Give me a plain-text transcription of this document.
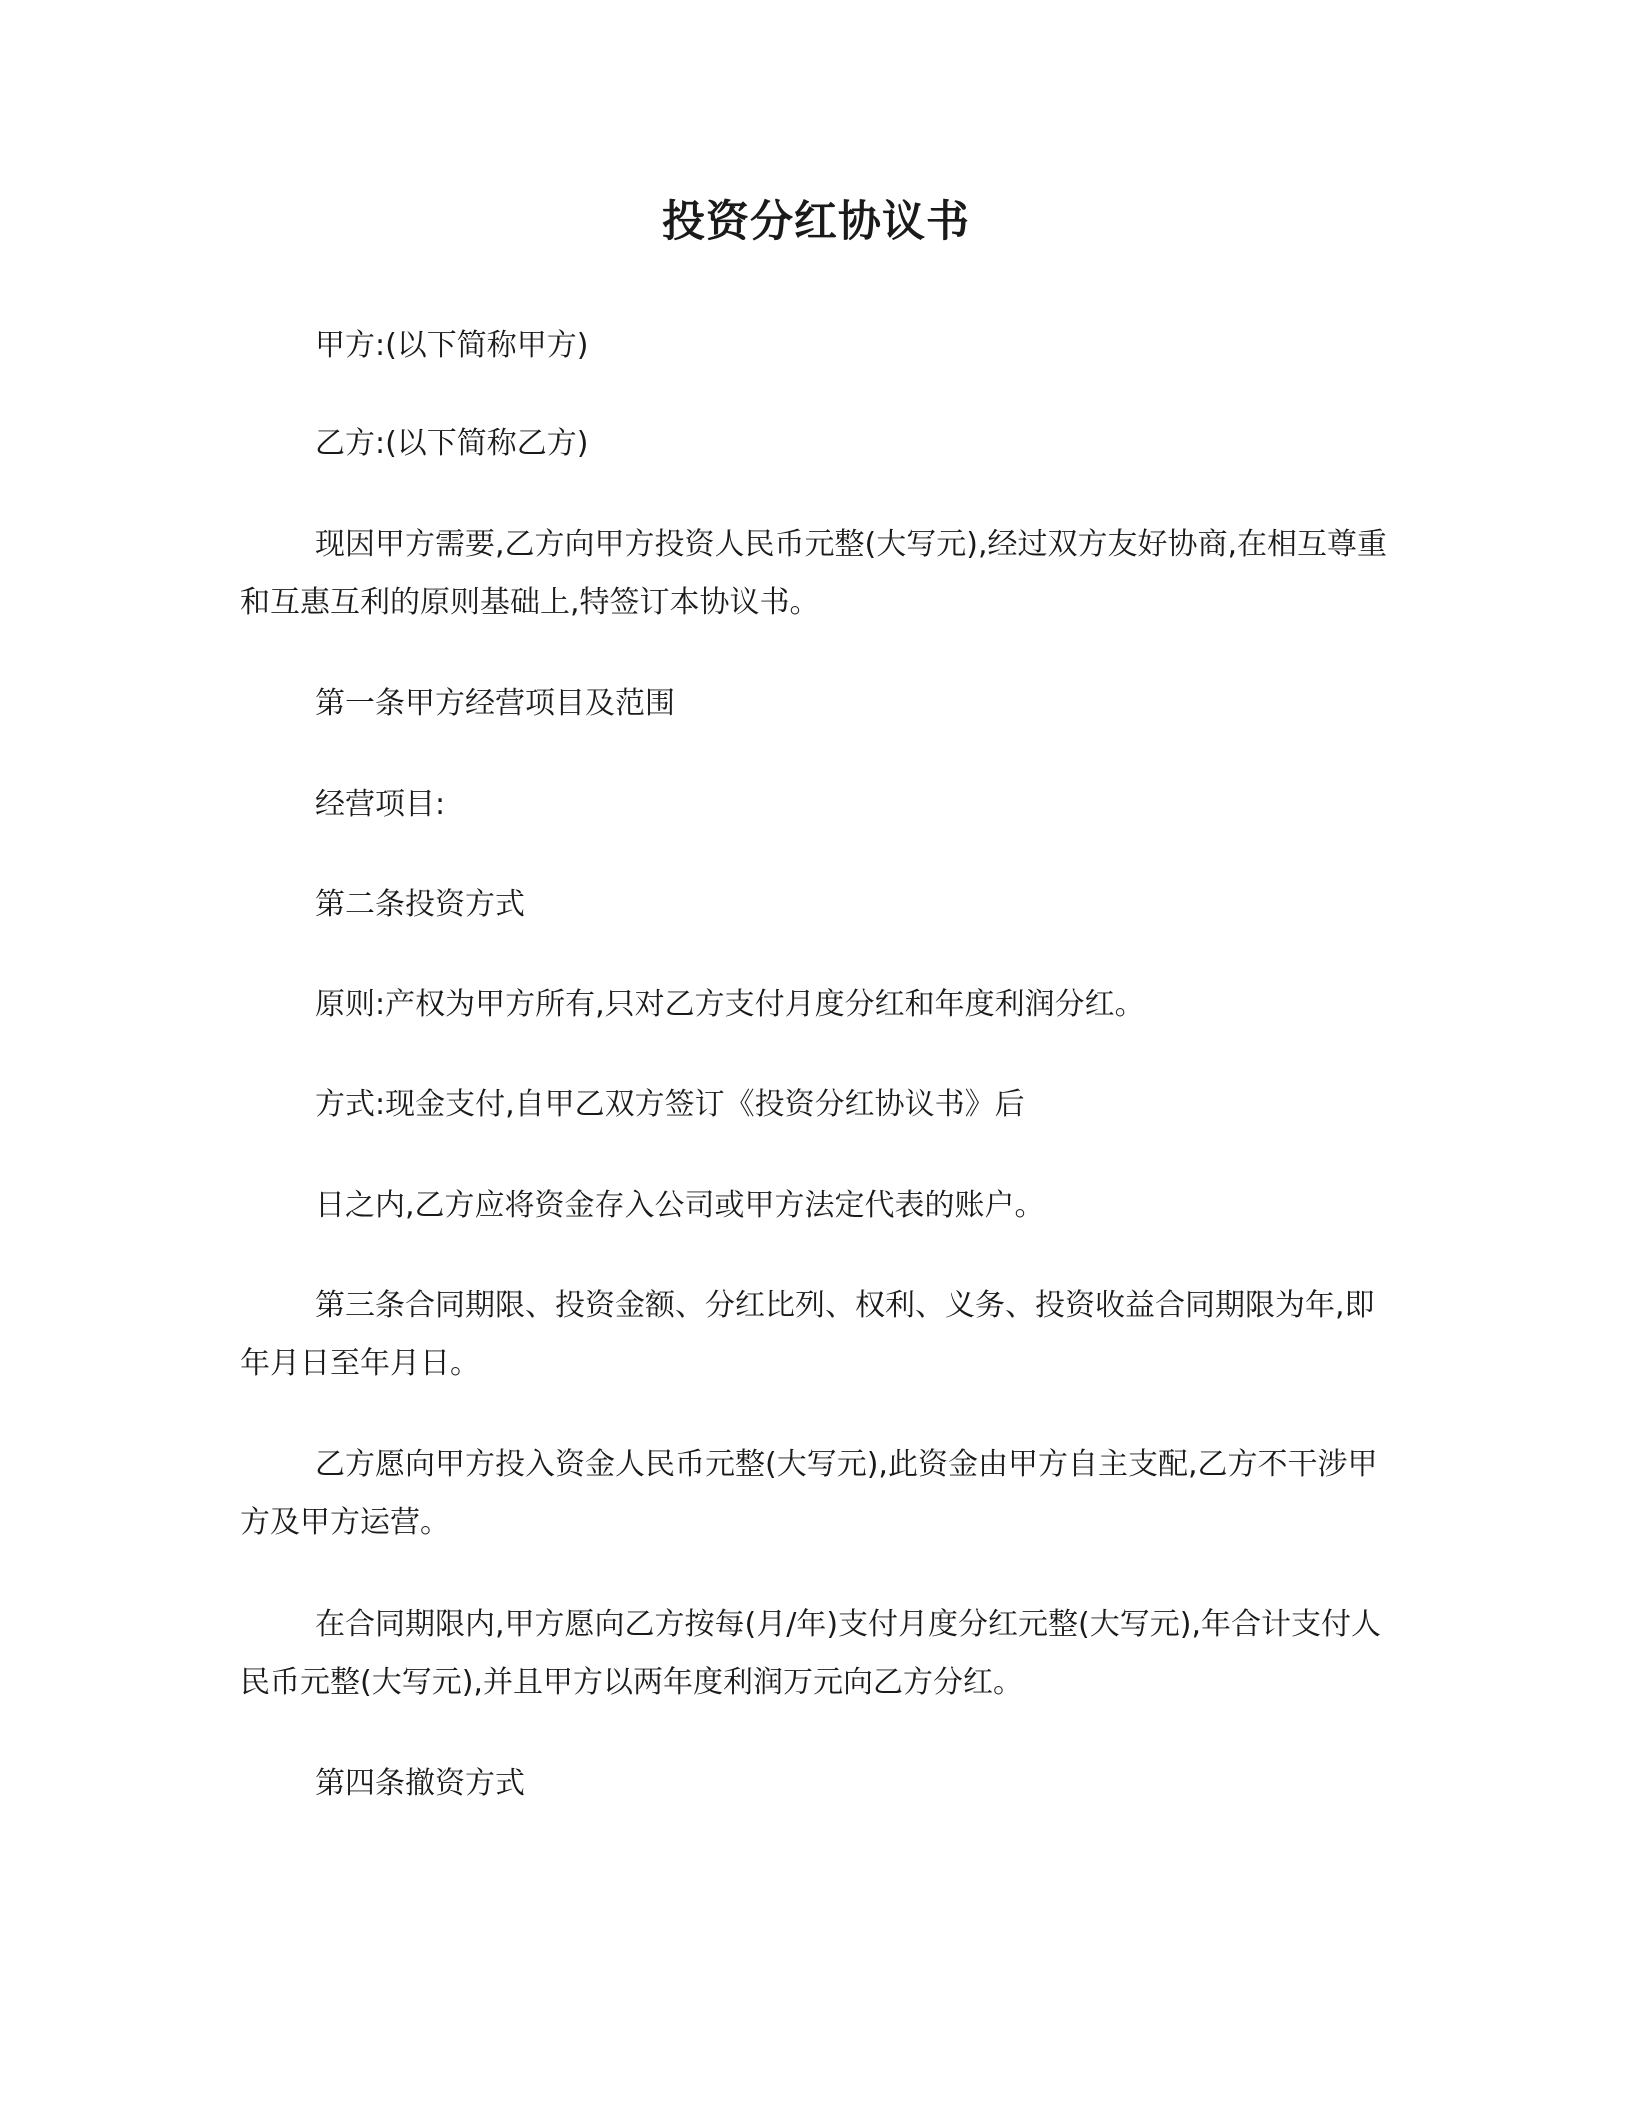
投资分红协议书

甲方:(以下简称甲方)

乙方:(以下简称乙方)

现因甲方需要,乙方向甲方投资人民币元整(大写元),经过双方友好协商,在相互尊重和互惠互利的原则基础上,特签订本协议书。

第一条甲方经营项目及范围

经营项目:

第二条投资方式

原则:产权为甲方所有,只对乙方支付月度分红和年度利润分红。

方式:现金支付,自甲乙双方签订《投资分红协议书》后

日之内,乙方应将资金存入公司或甲方法定代表的账户。

第三条合同期限、投资金额、分红比列、权利、义务、投资收益合同期限为年,即年月日至年月日。

乙方愿向甲方投入资金人民币元整(大写元),此资金由甲方自主支配,乙方不干涉甲方及甲方运营。

在合同期限内,甲方愿向乙方按每(月/年)支付月度分红元整(大写元),年合计支付人民币元整(大写元),并且甲方以两年度利润万元向乙方分红。

第四条撤资方式
